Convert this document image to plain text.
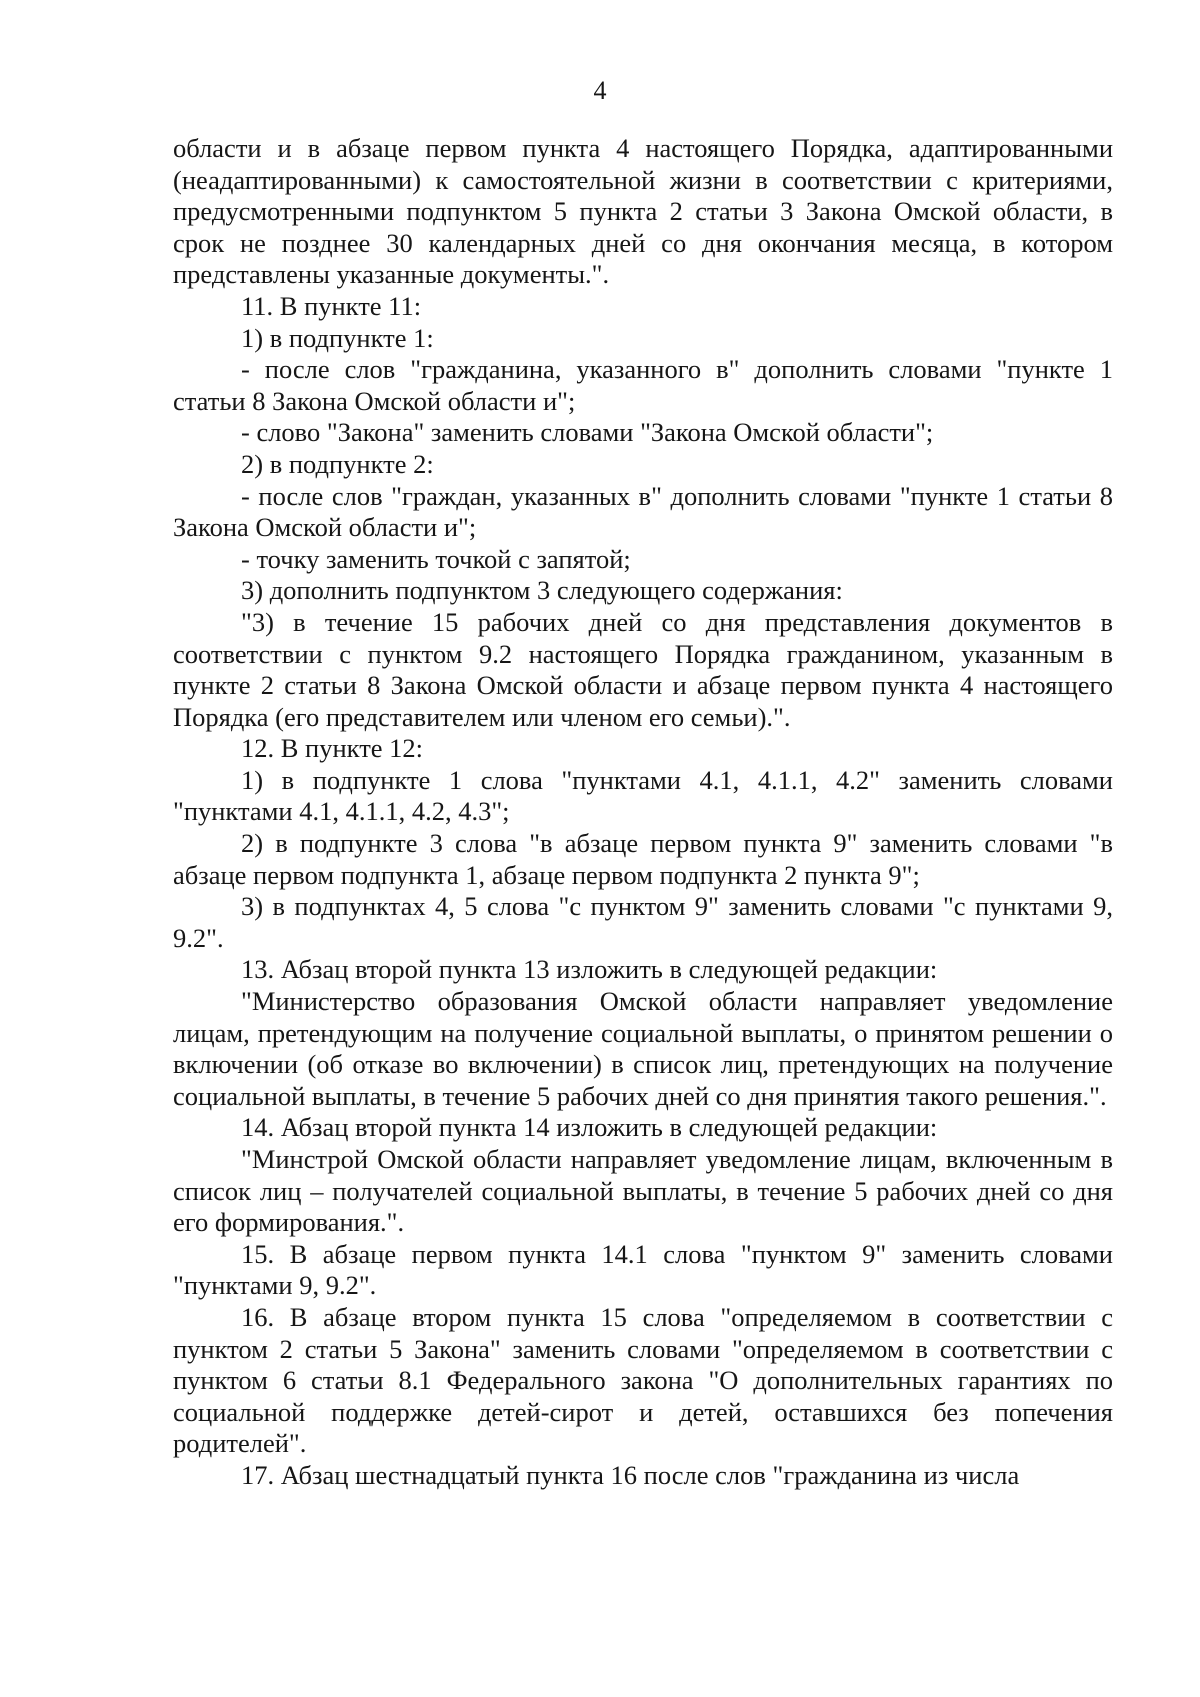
4

области и в абзаце первом пункта 4 настоящего Порядка, адаптированными (неадаптированными) к самостоятельной жизни в соответствии с критериями, предусмотренными подпунктом 5 пункта 2 статьи 3 Закона Омской области, в срок не позднее 30 календарных дней со дня окончания месяца, в котором представлены указанные документы.".

11. В пункте 11:

1) в подпункте 1:

- после слов "гражданина, указанного в" дополнить словами "пункте 1 статьи 8 Закона Омской области и";

- слово "Закона" заменить словами "Закона Омской области";

2) в подпункте 2:

- после слов "граждан, указанных в" дополнить словами "пункте 1 статьи 8 Закона Омской области и";

- точку заменить точкой с запятой;

3) дополнить подпунктом 3 следующего содержания:

"3) в течение 15 рабочих дней со дня представления документов в соответствии с пунктом 9.2 настоящего Порядка гражданином, указанным в пункте 2 статьи 8 Закона Омской области и абзаце первом пункта 4 настоящего Порядка (его представителем или членом его семьи).".

12. В пункте 12:

1) в подпункте 1 слова "пунктами 4.1, 4.1.1, 4.2" заменить словами "пунктами 4.1, 4.1.1, 4.2, 4.3";

2) в подпункте 3 слова "в абзаце первом пункта 9" заменить словами "в абзаце первом подпункта 1, абзаце первом подпункта 2 пункта 9";

3) в подпунктах 4, 5 слова "с пунктом 9" заменить словами "с пунктами 9, 9.2".

13. Абзац второй пункта 13 изложить в следующей редакции:

"Министерство образования Омской области направляет уведомление лицам, претендующим на получение социальной выплаты, о принятом решении о включении (об отказе во включении) в список лиц, претендующих на получение социальной выплаты, в течение 5 рабочих дней со дня принятия такого решения.".

14. Абзац второй пункта 14 изложить в следующей редакции:

"Минстрой Омской области направляет уведомление лицам, включенным в список лиц – получателей социальной выплаты, в течение 5 рабочих дней со дня его формирования.".

15. В абзаце первом пункта 14.1 слова "пунктом 9" заменить словами "пунктами 9, 9.2".

16. В абзаце втором пункта 15 слова "определяемом в соответствии с пунктом 2 статьи 5 Закона" заменить словами "определяемом в соответствии с пунктом 6 статьи 8.1 Федерального закона "О дополнительных гарантиях по социальной поддержке детей-сирот и детей, оставшихся без попечения родителей".

17. Абзац шестнадцатый пункта 16 после слов "гражданина из числа
